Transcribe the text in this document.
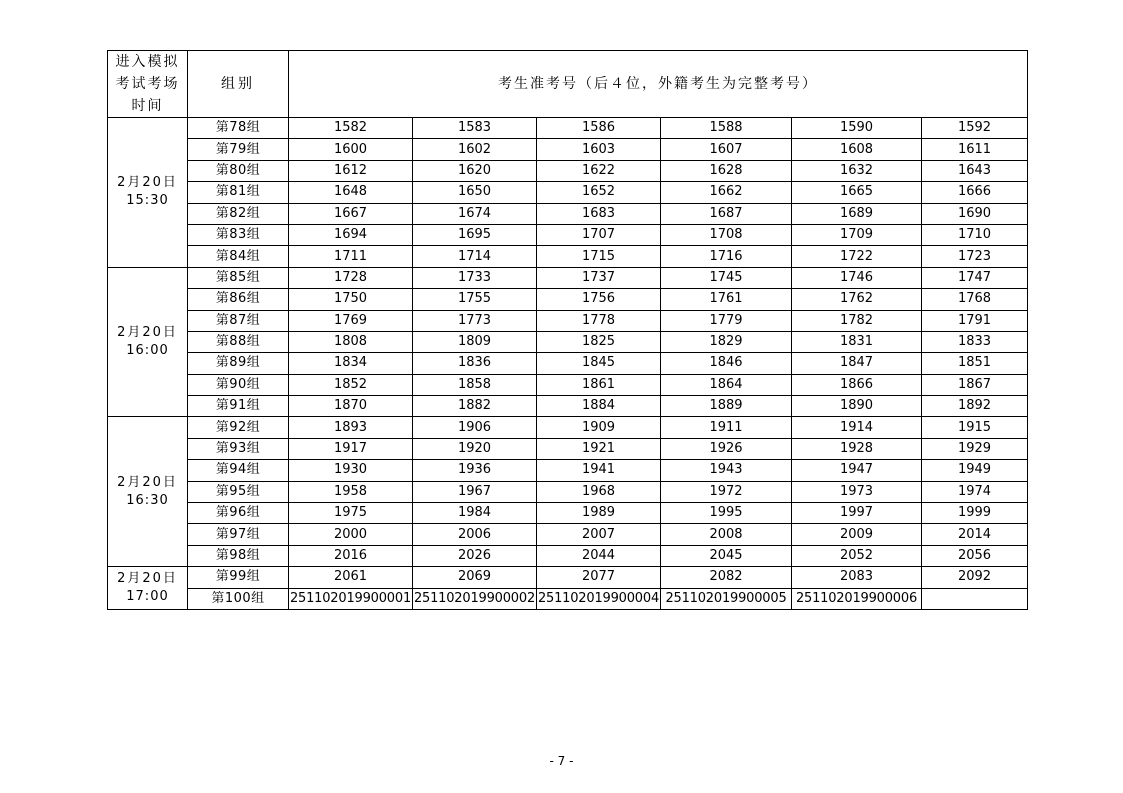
进入模拟考试考场时间	组别	考生准考号（后４位，外籍考生为完整考号）					

2月20日
15:30	第78组	1582	1583	1586	1588	1590	1592
	第79组	1600	1602	1603	1607	1608	1611
	第80组	1612	1620	1622	1628	1632	1643
	第81组	1648	1650	1652	1662	1665	1666
	第82组	1667	1674	1683	1687	1689	1690
	第83组	1694	1695	1707	1708	1709	1710
	第84组	1711	1714	1715	1716	1722	1723

2月20日
16:00	第85组	1728	1733	1737	1745	1746	1747
	第86组	1750	1755	1756	1761	1762	1768
	第87组	1769	1773	1778	1779	1782	1791
	第88组	1808	1809	1825	1829	1831	1833
	第89组	1834	1836	1845	1846	1847	1851
	第90组	1852	1858	1861	1864	1866	1867
	第91组	1870	1882	1884	1889	1890	1892

2月20日
16:30	第92组	1893	1906	1909	1911	1914	1915
	第93组	1917	1920	1921	1926	1928	1929
	第94组	1930	1936	1941	1943	1947	1949
	第95组	1958	1967	1968	1972	1973	1974
	第96组	1975	1984	1989	1995	1997	1999
	第97组	2000	2006	2007	2008	2009	2014
	第98组	2016	2026	2044	2045	2052	2056

2月20日
17:00	第99组	2061	2069	2077	2082	2083	2092
	第100组	251102019900001	251102019900002	251102019900004	251102019900005	251102019900006	
- 7 -
